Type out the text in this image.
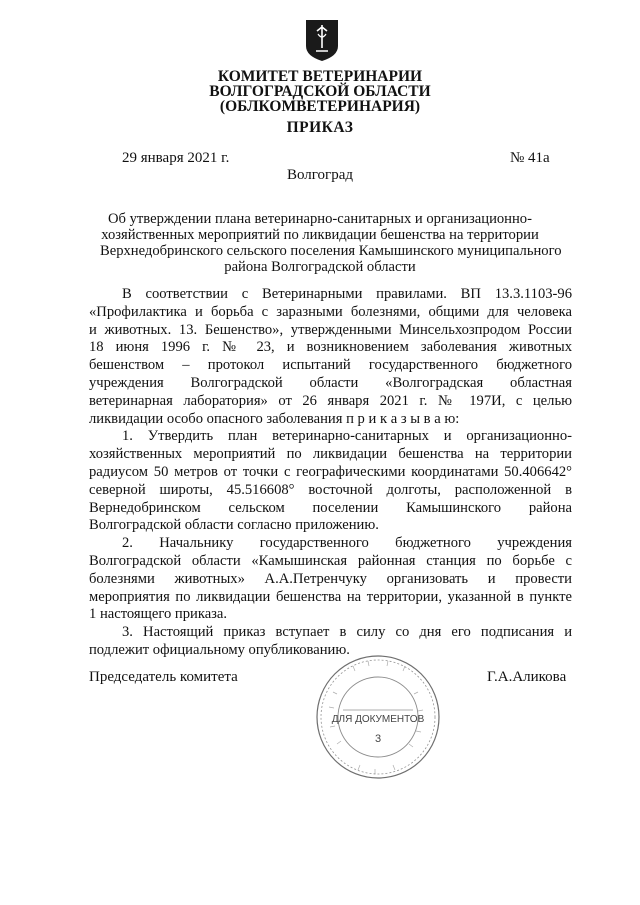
КОМИТЕТ ВЕТЕРИНАРИИ
ВОЛГОГРАДСКОЙ ОБЛАСТИ
(ОБЛКОМВЕТЕРИНАРИЯ)
ПРИКАЗ
29 января 2021 г.	№ 41а
Волгоград
Об утверждении плана ветеринарно-санитарных и организационно-
хозяйственных мероприятий по ликвидации бешенства на территории
Верхнедобринского сельского поселения Камышинского муниципального
района Волгоградской области
В соответствии с Ветеринарными правилами. ВП 13.3.1103-96
«Профилактика и борьба с заразными болезнями, общими для человека
и животных. 13. Бешенство», утвержденными Минсельхозпродом России
18 июня 1996 г. № 23, и возникновением заболевания животных
бешенством – протокол испытаний государственного бюджетного
учреждения Волгоградской области «Волгоградская областная
ветеринарная лаборатория» от 26 января 2021 г. № 197И, с целью
ликвидации особо опасного заболевания п р и к а з ы в а ю:
1. Утвердить план ветеринарно-санитарных и организационно-
хозяйственных мероприятий по ликвидации бешенства на территории
радиусом 50 метров от точки с географическими координатами 50.406642°
северной широты, 45.516608° восточной долготы, расположенной в
Вернедобринском сельском поселении Камышинского района
Волгоградской области согласно приложению.
2. Начальнику государственного бюджетного учреждения
Волгоградской области «Камышинская районная станция по борьбе с
болезнями животных» А.А.Петренчуку организовать и провести
мероприятия по ликвидации бешенства на территории, указанной в пункте
1 настоящего приказа.
3. Настоящий приказ вступает в силу со дня его подписания и
подлежит официальному опубликованию.
Председатель комитета	Г.А.Аликова
ДЛЯ ДОКУМЕНТОВ
3
